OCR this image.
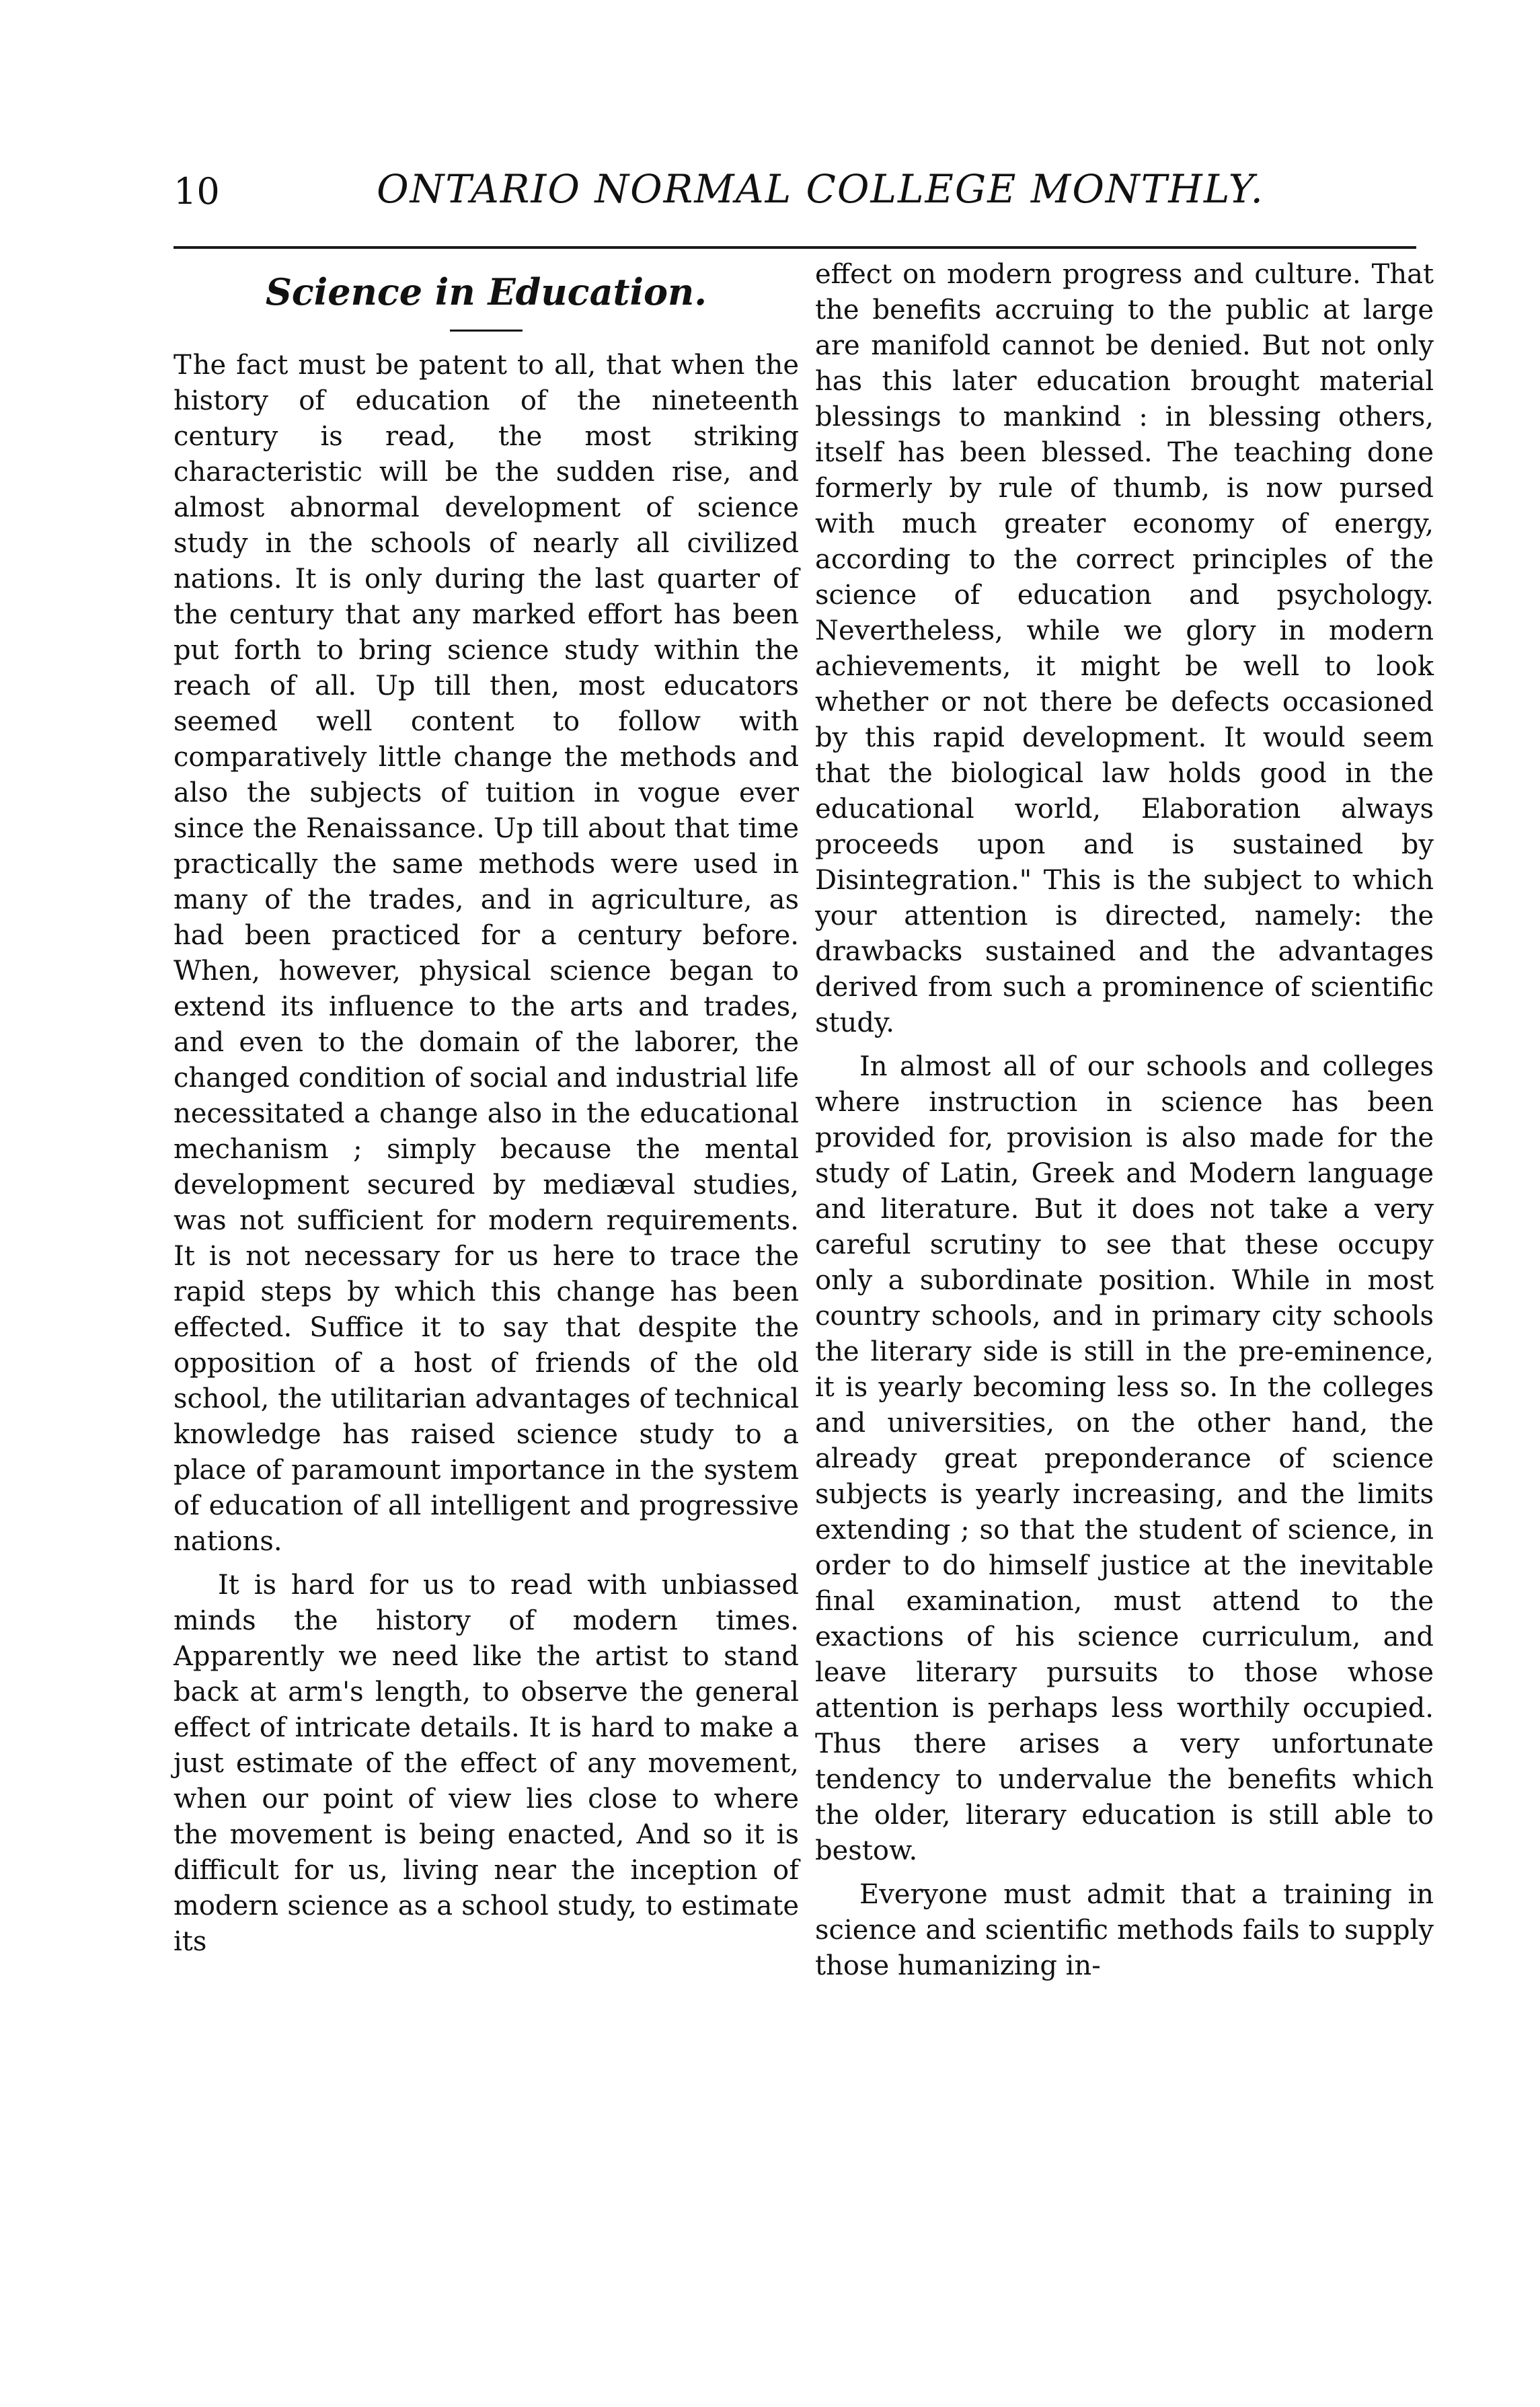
10	ONTARIO NORMAL COLLEGE MONTHLY.
Science in Education.

The fact must be patent to all, that when the history of education of the nineteenth century is read, the most striking characteristic will be the sudden rise, and almost abnormal development of science study in the schools of nearly all civilized nations. It is only during the last quarter of the century that any marked effort has been put forth to bring science study within the reach of all. Up till then, most educators seemed well content to follow with comparatively little change the methods and also the subjects of tuition in vogue ever since the Renaissance. Up till about that time practically the same methods were used in many of the trades, and in agriculture, as had been practiced for a century before. When, however, physical science began to extend its influence to the arts and trades, and even to the domain of the laborer, the changed condition of social and industrial life necessitated a change also in the educational mechanism ; simply because the mental development secured by mediæval studies, was not sufficient for modern requirements. It is not necessary for us here to trace the rapid steps by which this change has been effected. Suffice it to say that despite the opposition of a host of friends of the old school, the utilitarian advantages of technical knowledge has raised science study to a place of paramount importance in the system of education of all intelligent and progressive nations.

It is hard for us to read with unbiassed minds the history of modern times. Apparently we need like the artist to stand back at arm's length, to observe the general effect of intricate details. It is hard to make a just estimate of the effect of any movement, when our point of view lies close to where the movement is being enacted, And so it is difficult for us, living near the inception of modern science as a school study, to estimate its

effect on modern progress and culture. That the benefits accruing to the public at large are manifold cannot be denied. But not only has this later education brought material blessings to mankind : in blessing others, itself has been blessed. The teaching done formerly by rule of thumb, is now pursed with much greater economy of energy, according to the correct principles of the science of education and psychology. Nevertheless, while we glory in modern achievements, it might be well to look whether or not there be defects occasioned by this rapid development. It would seem that the biological law holds good in the educational world, Elaboration always proceeds upon and is sustained by Disintegration." This is the subject to which your attention is directed, namely: the drawbacks sustained and the advantages derived from such a prominence of scientific study.

In almost all of our schools and colleges where instruction in science has been provided for, provision is also made for the study of Latin, Greek and Modern language and literature. But it does not take a very careful scrutiny to see that these occupy only a subordinate position. While in most country schools, and in primary city schools the literary side is still in the pre-eminence, it is yearly becoming less so. In the colleges and universities, on the other hand, the already great preponderance of science subjects is yearly increasing, and the limits extending ; so that the student of science, in order to do himself justice at the inevitable final examination, must attend to the exactions of his science curriculum, and leave literary pursuits to those whose attention is perhaps less worthily occupied. Thus there arises a very unfortunate tendency to undervalue the benefits which the older, literary education is still able to bestow.

Everyone must admit that a training in science and scientific methods fails to supply those humanizing in-
